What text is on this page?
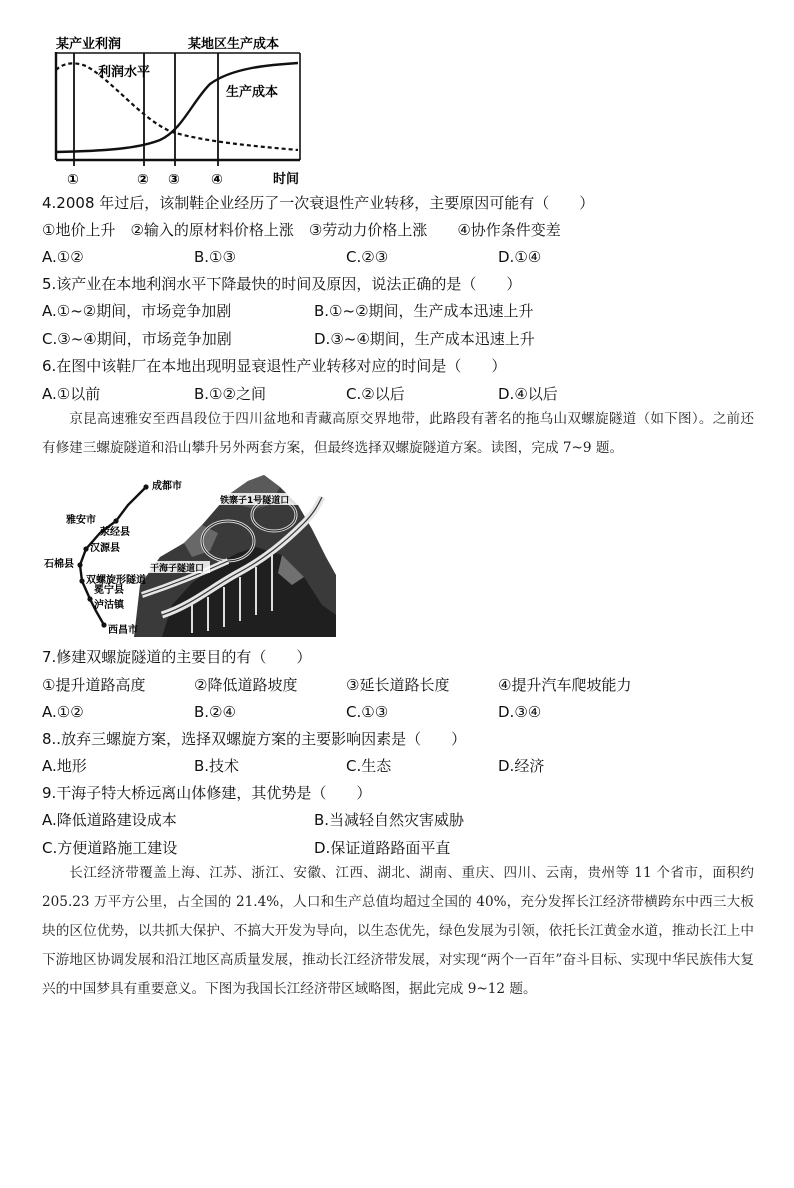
某产业利润	某地区生产成本
利润水平
生产成本
时间
①	② ③ ④
4.2008 年过后，该制鞋企业经历了一次衰退性产业转移，主要原因可能有（　　）
①地价上升　②输入的原材料价格上涨　③劳动力价格上涨　　④协作条件变差
A.①②	B.①③	C.②③	D.①④
5.该产业在本地利润水平下降最快的时间及原因，说法正确的是（　　）
A.①~②期间，市场竞争加剧	B.①~②期间，生产成本迅速上升
C.③~④期间，市场竞争加剧	D.③~④期间，生产成本迅速上升
6.在图中该鞋厂在本地出现明显衰退性产业转移对应的时间是（　　）
A.①以前	B.①②之间	C.②以后	D.④以后
京昆高速雅安至西昌段位于四川盆地和青藏高原交界地带，此路段有著名的拖乌山双螺旋隧道（如下图）。之前还有修建三螺旋隧道和沿山攀升另外两套方案，但最终选择双螺旋隧道方案。读图，完成 7~9 题。
成都市
雅安市
荥经县
汉源县
石棉县
双螺旋形隧道
冕宁县
泸沽镇
西昌市
铁寨子1号隧道口
干海子隧道口
7.修建双螺旋隧道的主要目的有（　　）
①提升道路高度	②降低道路坡度	③延长道路长度	④提升汽车爬坡能力
A.①②	B.②④	C.①③	D.③④
8..放弃三螺旋方案，选择双螺旋方案的主要影响因素是（　　）
A.地形	B.技术	C.生态	D.经济
9.干海子特大桥远离山体修建，其优势是（　　）
A.降低道路建设成本	B.当减轻自然灾害威胁
C.方便道路施工建设	D.保证道路路面平直
长江经济带覆盖上海、江苏、浙江、安徽、江西、湖北、湖南、重庆、四川、云南，贵州等 11 个省市，面积约 205.23 万平方公里，占全国的 21.4%，人口和生产总值均超过全国的 40%，充分发挥长江经济带横跨东中西三大板块的区位优势，以共抓大保护、不搞大开发为导向，以生态优先，绿色发展为引领，依托长江黄金水道，推动长江上中下游地区协调发展和沿江地区高质量发展，推动长江经济带发展，对实现“两个一百年”奋斗目标、实现中华民族伟大复兴的中国梦具有重要意义。下图为我国长江经济带区域略图，据此完成 9~12 题。
